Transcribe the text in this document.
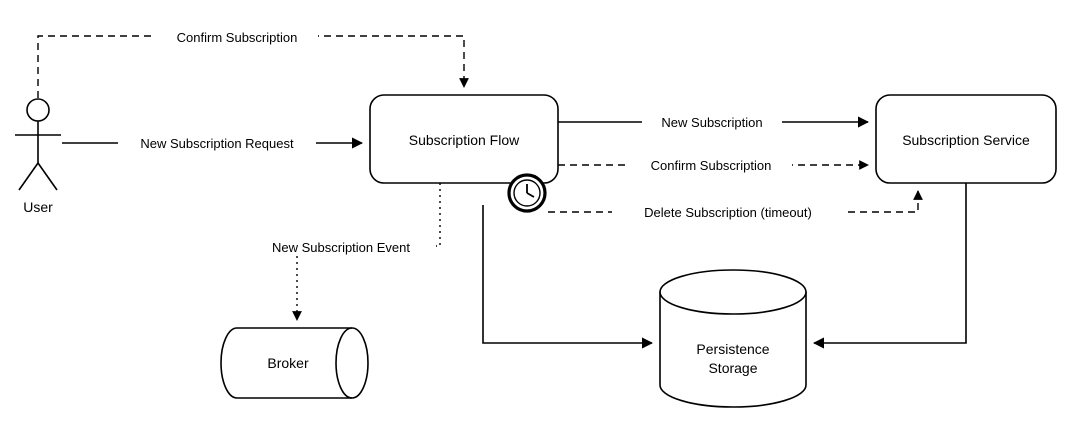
User
Subscription Flow	Subscription Service
Broker
Persistence
Storage
New Subscription Request
New Subscription
Confirm Subscription
Delete Subscription (timeout)
Confirm Subscription
New Subscription Event
